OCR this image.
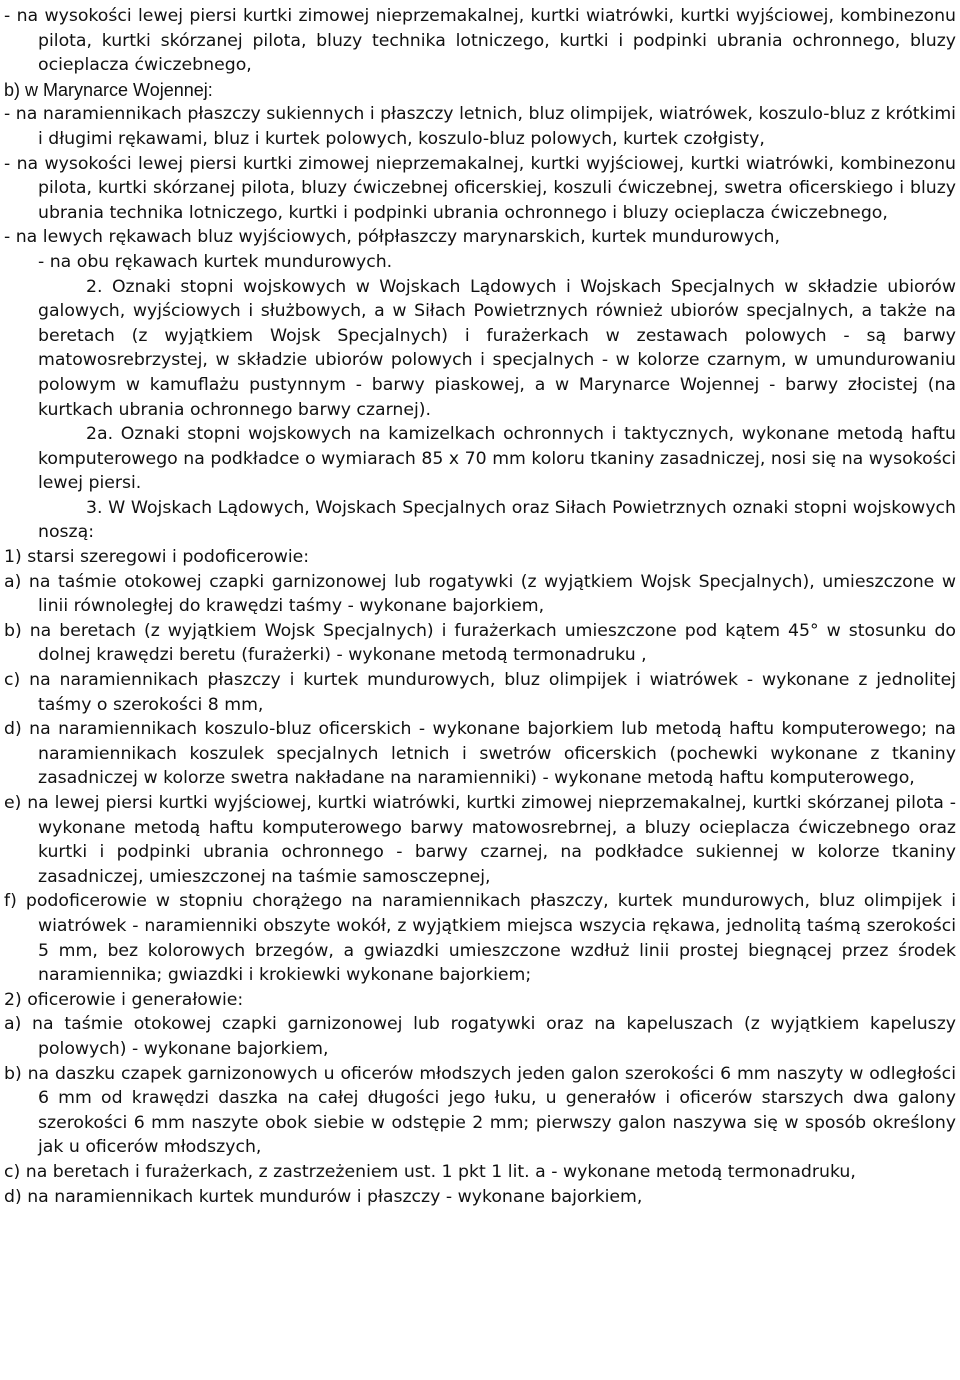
- na wysokości lewej piersi kurtki zimowej nieprzemakalnej, kurtki wiatrówki, kurtki wyjściowej, kombinezonu pilota, kurtki skórzanej pilota, bluzy technika lotniczego, kurtki i podpinki ubrania ochronnego, bluzy ocieplacza ćwiczebnego,

b) w Marynarce Wojennej:

- na naramiennikach płaszczy sukiennych i płaszczy letnich, bluz olimpijek, wiatrówek, koszulo-bluz z krótkimi i długimi rękawami, bluz i kurtek polowych, koszulo-bluz polowych, kurtek czołgisty,

- na wysokości lewej piersi kurtki zimowej nieprzemakalnej, kurtki wyjściowej, kurtki wiatrówki, kombinezonu pilota, kurtki skórzanej pilota, bluzy ćwiczebnej oficerskiej, koszuli ćwiczebnej, swetra oficerskiego i bluzy ubrania technika lotniczego, kurtki i podpinki ubrania ochronnego i bluzy ocieplacza ćwiczebnego,

- na lewych rękawach bluz wyjściowych, półpłaszczy marynarskich, kurtek mundurowych,

- na obu rękawach kurtek mundurowych.

2. Oznaki stopni wojskowych w Wojskach Lądowych i Wojskach Specjalnych w składzie ubiorów galowych, wyjściowych i służbowych, a w Siłach Powietrznych również ubiorów specjalnych, a także na beretach (z wyjątkiem Wojsk Specjalnych) i furażerkach w zestawach polowych - są barwy matowosrebrzystej, w składzie ubiorów polowych i specjalnych - w kolorze czarnym, w umundurowaniu polowym w kamuflażu pustynnym - barwy piaskowej, a w Marynarce Wojennej - barwy złocistej (na kurtkach ubrania ochronnego barwy czarnej).

2a. Oznaki stopni wojskowych na kamizelkach ochronnych i taktycznych, wykonane metodą haftu komputerowego na podkładce o wymiarach 85 x 70 mm koloru tkaniny zasadniczej, nosi się na wysokości lewej piersi.

3. W Wojskach Lądowych, Wojskach Specjalnych oraz Siłach Powietrznych oznaki stopni wojskowych noszą:

1) starsi szeregowi i podoficerowie:

a) na taśmie otokowej czapki garnizonowej lub rogatywki (z wyjątkiem Wojsk Specjalnych), umieszczone w linii równoległej do krawędzi taśmy - wykonane bajorkiem,

b) na beretach (z wyjątkiem Wojsk Specjalnych) i furażerkach umieszczone pod kątem 45° w stosunku do dolnej krawędzi beretu (furażerki) - wykonane metodą termonadruku ,

c) na naramiennikach płaszczy i kurtek mundurowych, bluz olimpijek i wiatrówek - wykonane z jednolitej taśmy o szerokości 8 mm,

d) na naramiennikach koszulo-bluz oficerskich - wykonane bajorkiem lub metodą haftu komputerowego; na naramiennikach koszulek specjalnych letnich i swetrów oficerskich (pochewki wykonane z tkaniny zasadniczej w kolorze swetra nakładane na naramienniki) - wykonane metodą haftu komputerowego,

e) na lewej piersi kurtki wyjściowej, kurtki wiatrówki, kurtki zimowej nieprzemakalnej, kurtki skórzanej pilota - wykonane metodą haftu komputerowego barwy matowosrebrnej, a bluzy ocieplacza ćwiczebnego oraz kurtki i podpinki ubrania ochronnego - barwy czarnej, na podkładce sukiennej w kolorze tkaniny zasadniczej, umieszczonej na taśmie samosczepnej,

f) podoficerowie w stopniu chorążego na naramiennikach płaszczy, kurtek mundurowych, bluz olimpijek i wiatrówek - naramienniki obszyte wokół, z wyjątkiem miejsca wszycia rękawa, jednolitą taśmą szerokości 5 mm, bez kolorowych brzegów, a gwiazdki umieszczone wzdłuż linii prostej biegnącej przez środek naramiennika; gwiazdki i krokiewki wykonane bajorkiem;

2) oficerowie i generałowie:

a) na taśmie otokowej czapki garnizonowej lub rogatywki oraz na kapeluszach (z wyjątkiem kapeluszy polowych) - wykonane bajorkiem,

b) na daszku czapek garnizonowych u oficerów młodszych jeden galon szerokości 6 mm naszyty w odległości 6 mm od krawędzi daszka na całej długości jego łuku, u generałów i oficerów starszych dwa galony szerokości 6 mm naszyte obok siebie w odstępie 2 mm; pierwszy galon naszywa się w sposób określony jak u oficerów młodszych,

c) na beretach i furażerkach, z zastrzeżeniem ust. 1 pkt 1 lit. a - wykonane metodą termonadruku,

d) na naramiennikach kurtek mundurów i płaszczy - wykonane bajorkiem,
